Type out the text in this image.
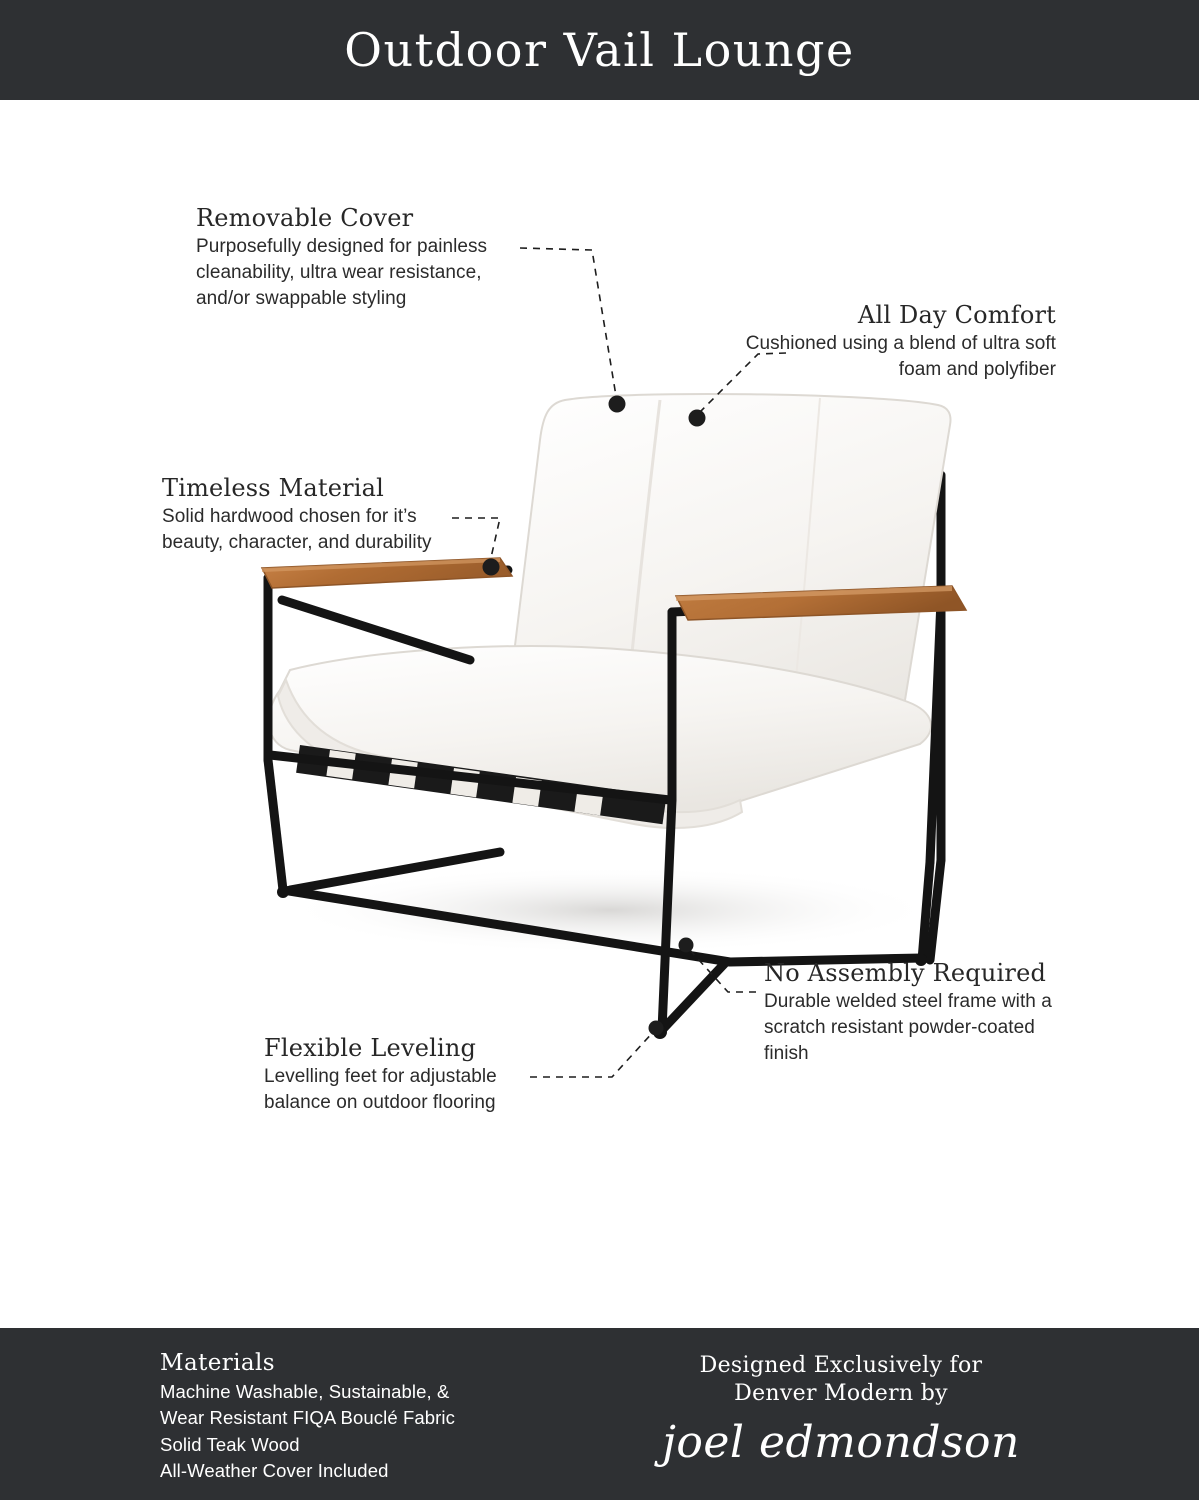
Outdoor Vail Lounge
Removable Cover
Purposefully designed for painless cleanability, ultra wear resistance, and/or swappable styling
All Day Comfort
Cushioned using a blend of ultra soft foam and polyfiber
Timeless Material
Solid hardwood chosen for it’s beauty, character, and durability
No Assembly Required
Durable welded steel frame with a scratch resistant powder-coated finish
Flexible Leveling
Levelling feet for adjustable balance on outdoor flooring
Materials
Machine Washable, Sustainable, &
Wear Resistant FIQA Bouclé Fabric
Solid Teak Wood
All-Weather Cover Included
Designed Exclusively for
Denver Modern by
joel edmondson
